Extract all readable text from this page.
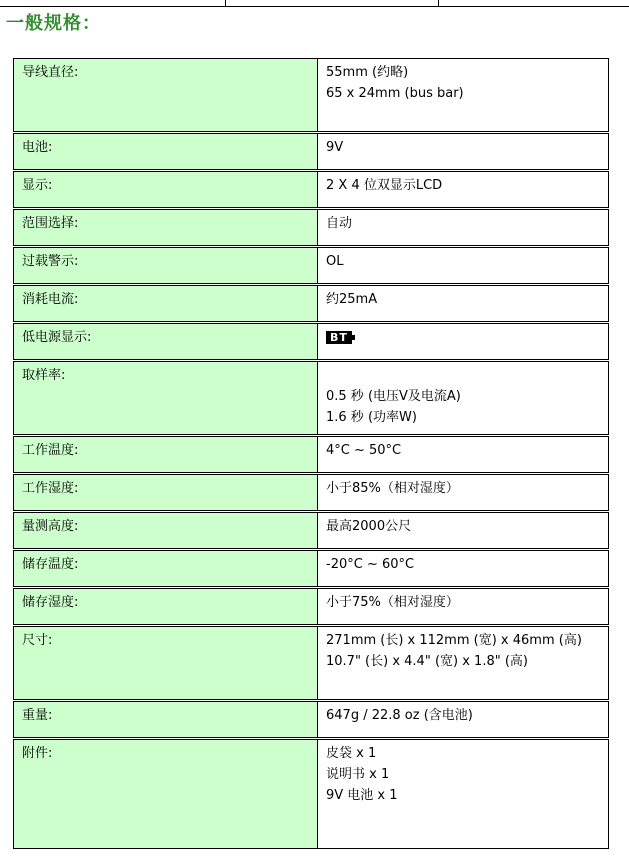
一般规格：
导线直径:	55mm (约略)
65 x 24mm (bus bar)

电池:	9V

显示:	2 X 4 位双显示LCD

范围选择:	自动

过载警示:	OL

消耗电流:	约25mA

低电源显示:	BT

取样率:	0.5 秒 (电压V及电流A)
1.6 秒 (功率W)

工作温度:	4°C ~ 50°C

工作湿度:	小于85%（相对湿度）

量测高度:	最高2000公尺

储存温度:	-20°C ~ 60°C

储存湿度:	小于75%（相对湿度）

尺寸:	271mm (长) x 112mm (宽) x 46mm (高)
10.7" (长) x 4.4" (宽) x 1.8" (高)

重量:	647g / 22.8 oz (含电池)

附件:	皮袋 x 1
说明书 x 1
9V 电池 x 1
